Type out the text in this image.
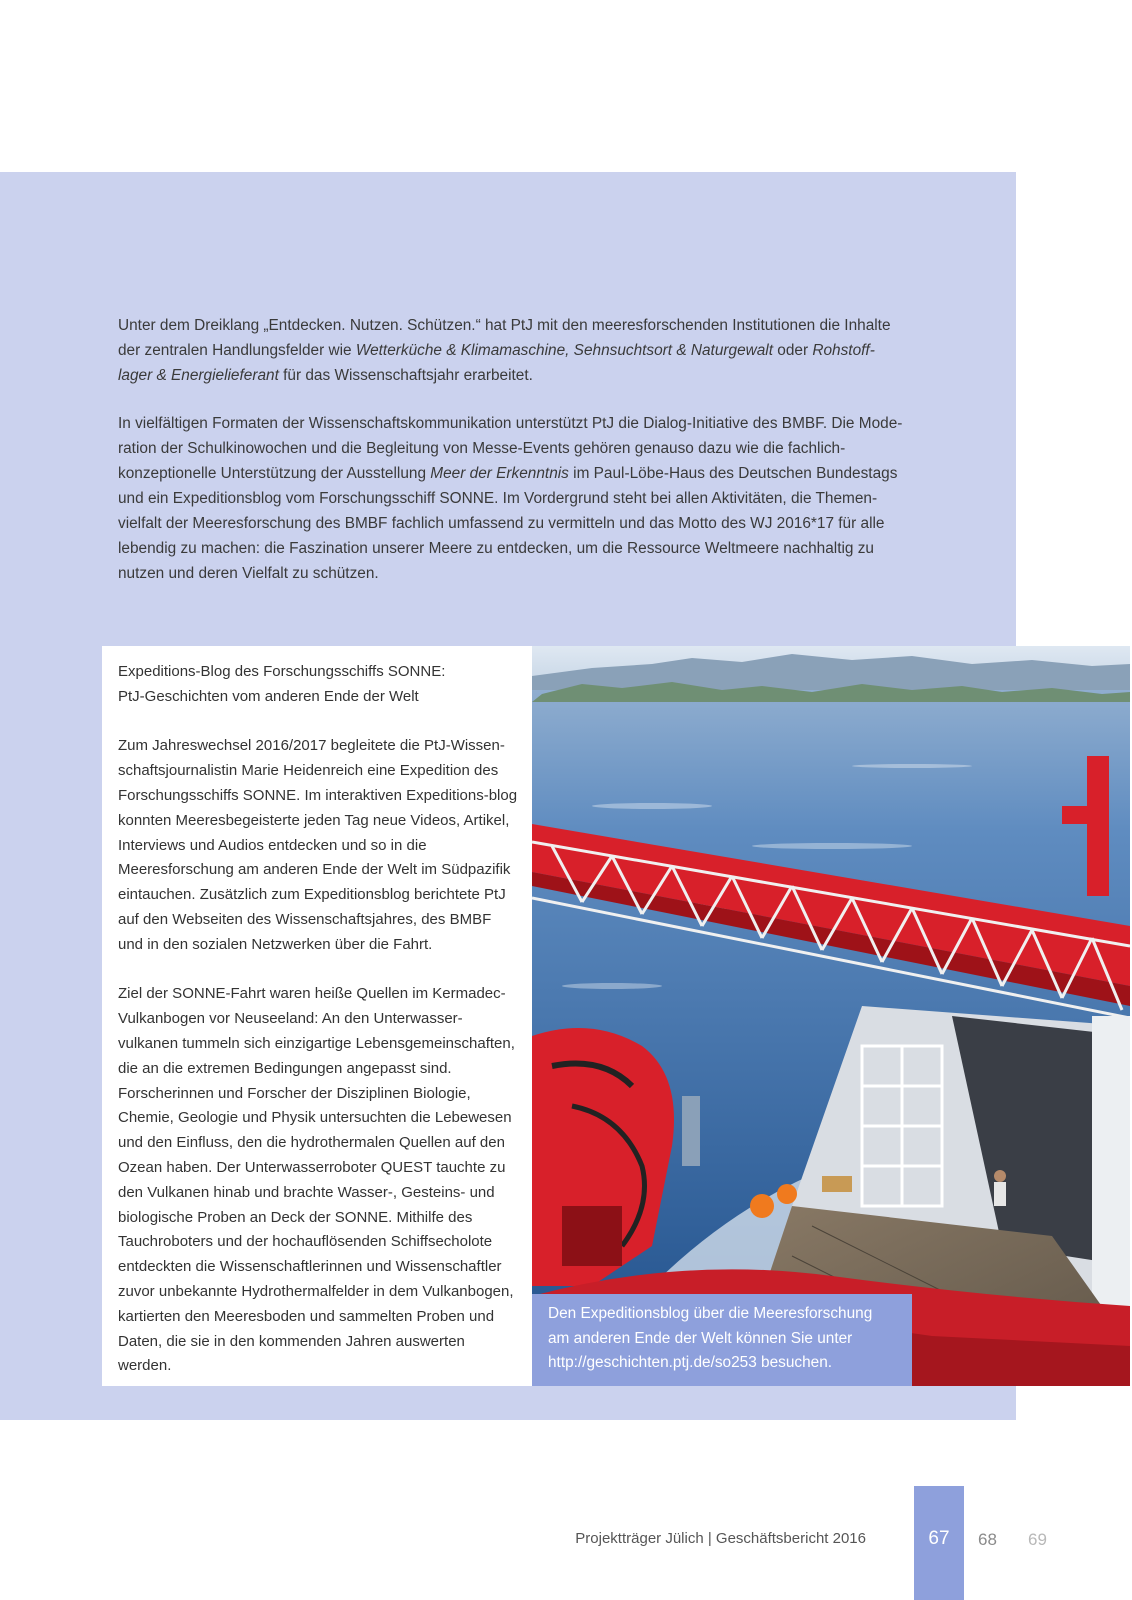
Unter dem Dreiklang „Entdecken. Nutzen. Schützen.“ hat PtJ mit den meeresforschenden Institutionen die Inhalte der zentralen Handlungsfelder wie Wetterküche & Klimamaschine, Sehnsuchtsort & Naturgewalt oder Rohstoff-lager & Energielieferant für das Wissenschaftsjahr erarbeitet.

In vielfältigen Formaten der Wissenschaftskommunikation unterstützt PtJ die Dialog-Initiative des BMBF. Die Mode-ration der Schulkinowochen und die Begleitung von Messe-Events gehören genauso dazu wie die fachlich-konzeptionelle Unterstützung der Ausstellung Meer der Erkenntnis im Paul-Löbe-Haus des Deutschen Bundestags und ein Expeditionsblog vom Forschungsschiff SONNE. Im Vordergrund steht bei allen Aktivitäten, die Themen-vielfalt der Meeresforschung des BMBF fachlich umfassend zu vermitteln und das Motto des WJ 2016*17 für alle lebendig zu machen: die Faszination unserer Meere zu entdecken, um die Ressource Weltmeere nachhaltig zu nutzen und deren Vielfalt zu schützen.

Expeditions-Blog des Forschungsschiffs SONNE:
PtJ-Geschichten vom anderen Ende der Welt

Zum Jahreswechsel 2016/2017 begleitete die PtJ-Wissen-schaftsjournalistin Marie Heidenreich eine Expedition des Forschungsschiffs SONNE. Im interaktiven Expeditions-blog konnten Meeresbegeisterte jeden Tag neue Videos, Artikel, Interviews und Audios entdecken und so in die Meeresforschung am anderen Ende der Welt im Südpazifik eintauchen. Zusätzlich zum Expeditionsblog berichtete PtJ auf den Webseiten des Wissenschaftsjahres, des BMBF und in den sozialen Netzwerken über die Fahrt.

Ziel der SONNE-Fahrt waren heiße Quellen im Kermadec-Vulkanbogen vor Neuseeland: An den Unterwasser-vulkanen tummeln sich einzigartige Lebensgemeinschaften, die an die extremen Bedingungen angepasst sind. Forscherinnen und Forscher der Disziplinen Biologie, Chemie, Geologie und Physik untersuchten die Lebewesen und den Einfluss, den die hydrothermalen Quellen auf den Ozean haben. Der Unterwasserroboter QUEST tauchte zu den Vulkanen hinab und brachte Wasser-, Gesteins- und biologische Proben an Deck der SONNE. Mithilfe des Tauchroboters und der hochauflösenden Schiffsecholote entdeckten die Wissenschaftlerinnen und Wissenschaftler zuvor unbekannte Hydrothermalfelder in dem Vulkanbogen, kartierten den Meeresboden und sammelten Proben und Daten, die sie in den kommenden Jahren auswerten werden.

Den Expeditionsblog über die Meeresforschung
am anderen Ende der Welt können Sie unter
http://geschichten.ptj.de/so253 besuchen.
Projektträger Jülich | Geschäftsbericht 2016	67	68 69
